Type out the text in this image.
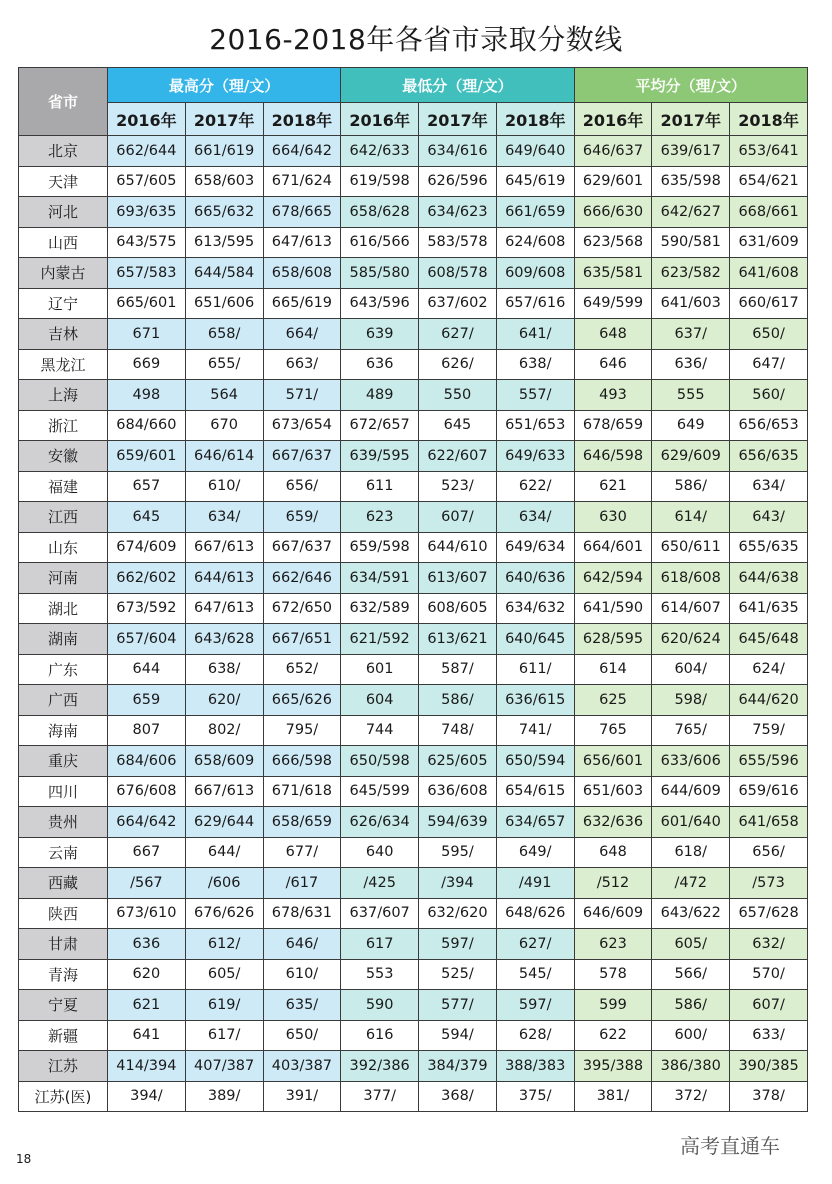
2016-2018年各省市录取分数线
省市	最高分（理/文）			最低分（理/文）			平均分（理/文）		
	2016年	2017年	2018年	2016年	2017年	2018年	2016年	2017年	2018年
北京	662/644	661/619	664/642	642/633	634/616	649/640	646/637	639/617	653/641
天津	657/605	658/603	671/624	619/598	626/596	645/619	629/601	635/598	654/621
河北	693/635	665/632	678/665	658/628	634/623	661/659	666/630	642/627	668/661
山西	643/575	613/595	647/613	616/566	583/578	624/608	623/568	590/581	631/609
内蒙古	657/583	644/584	658/608	585/580	608/578	609/608	635/581	623/582	641/608
辽宁	665/601	651/606	665/619	643/596	637/602	657/616	649/599	641/603	660/617
吉林	671	658/	664/	639	627/	641/	648	637/	650/
黑龙江	669	655/	663/	636	626/	638/	646	636/	647/
上海	498	564	571/	489	550	557/	493	555	560/
浙江	684/660	670	673/654	672/657	645	651/653	678/659	649	656/653
安徽	659/601	646/614	667/637	639/595	622/607	649/633	646/598	629/609	656/635
福建	657	610/	656/	611	523/	622/	621	586/	634/
江西	645	634/	659/	623	607/	634/	630	614/	643/
山东	674/609	667/613	667/637	659/598	644/610	649/634	664/601	650/611	655/635
河南	662/602	644/613	662/646	634/591	613/607	640/636	642/594	618/608	644/638
湖北	673/592	647/613	672/650	632/589	608/605	634/632	641/590	614/607	641/635
湖南	657/604	643/628	667/651	621/592	613/621	640/645	628/595	620/624	645/648
广东	644	638/	652/	601	587/	611/	614	604/	624/
广西	659	620/	665/626	604	586/	636/615	625	598/	644/620
海南	807	802/	795/	744	748/	741/	765	765/	759/
重庆	684/606	658/609	666/598	650/598	625/605	650/594	656/601	633/606	655/596
四川	676/608	667/613	671/618	645/599	636/608	654/615	651/603	644/609	659/616
贵州	664/642	629/644	658/659	626/634	594/639	634/657	632/636	601/640	641/658
云南	667	644/	677/	640	595/	649/	648	618/	656/
西藏	/567	/606	/617	/425	/394	/491	/512	/472	/573
陕西	673/610	676/626	678/631	637/607	632/620	648/626	646/609	643/622	657/628
甘肃	636	612/	646/	617	597/	627/	623	605/	632/
青海	620	605/	610/	553	525/	545/	578	566/	570/
宁夏	621	619/	635/	590	577/	597/	599	586/	607/
新疆	641	617/	650/	616	594/	628/	622	600/	633/
江苏	414/394	407/387	403/387	392/386	384/379	388/383	395/388	386/380	390/385
江苏(医)	394/	389/	391/	377/	368/	375/	381/	372/	378/
18
高考直通车
